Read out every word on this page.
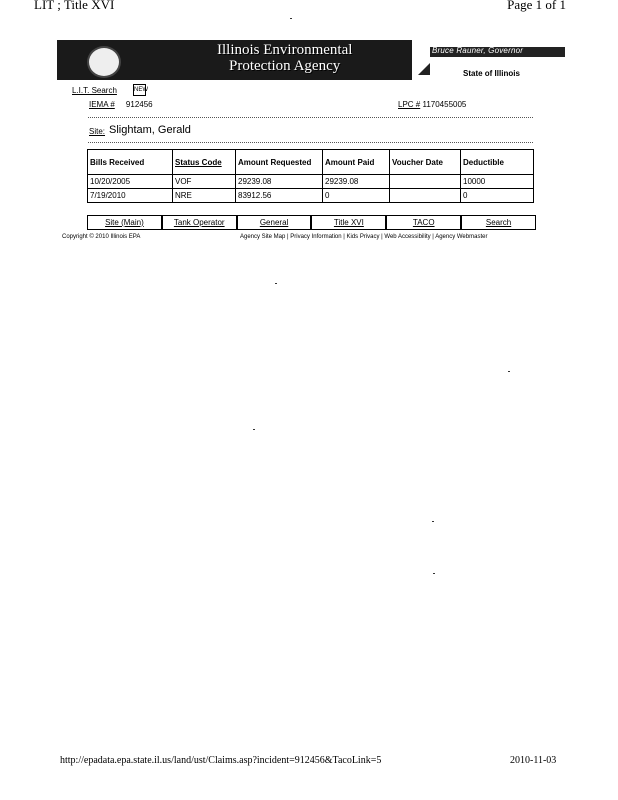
LIT ; Title XVI	Page 1 of 1
Illinois Environmental
Protection Agency
Bruce Rauner, Governor
State of Illinois
L.I.T. Search	NEW
IEMA # 912456	LPC # 1170455005
Site: Slightam, Gerald
Bills Received	Status Code	Amount Requested	Amount Paid	Voucher Date	Deductible
10/20/2005	VOF	29239.08	29239.08		10000
7/19/2010	NRE	83912.56	0		0
Site (Main)	Tank Operator	General	Title XVI	TACO	Search
Copyright © 2010 Illinois EPA	Agency Site Map | Privacy Information | Kids Privacy | Web Accessibility | Agency Webmaster
http://epadata.epa.state.il.us/land/ust/Claims.asp?incident=912456&TacoLink=5	2010-11-03
